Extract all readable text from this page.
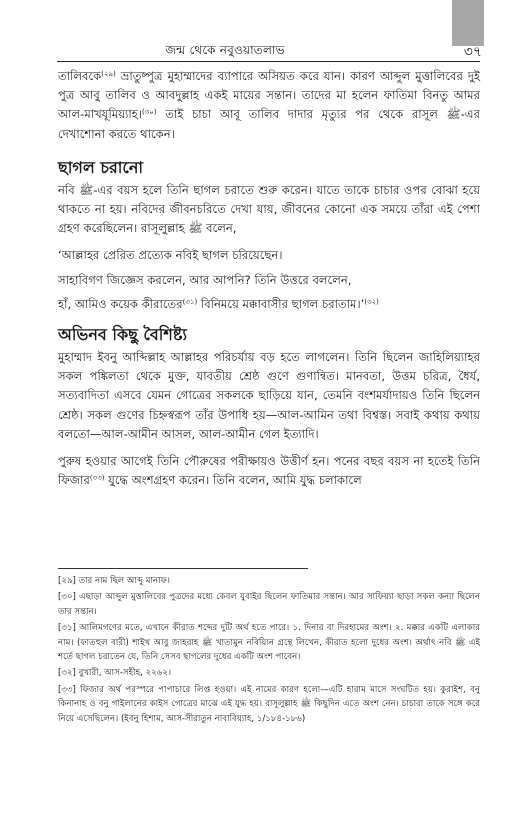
জন্ম থেকে নবুওয়াতলাভ	৩৭

তালিবকে$^{(২৯)}$ ভ্রাতুষ্পুত্র মুহাম্মাদের ব্যাপারে অসিয়ত করে যান। কারণ আব্দুল মুত্তালিবের দুই পুত্র আবু তালিব ও আবদুল্লাহ একই মায়ের সন্তান। তাদের মা হলেন ফাতিমা বিনতু আমর আল-মাখযূমিয়্যাহ।$^{(৩০)}$ তাই চাচা আবূ তালিব দাদার মৃত্যুর পর থেকে রাসূল ﷺ-এর দেখাশোনা করতে থাকেন।

ছাগল চরানো

নবি ﷺ-এর বয়স হলে তিনি ছাগল চরাতে শুরু করেন। যাতে তাকে চাচার ওপর বোঝা হয়ে থাকতে না হয়। নবিদের জীবনচরিতে দেখা যায়, জীবনের কোনো এক সময়ে তাঁরা এই পেশা গ্রহণ করেছিলেন। রাসূলুল্লাহ ﷺ বলেন,

‘আল্লাহর প্রেরিত প্রত্যেক নবিই ছাগল চরিয়েছেন।

সাহাবিগণ জিজ্ঞেস করলেন, আর আপনি? তিনি উত্তরে বললেন,

হাঁ, আমিও কয়েক কীরাতের$^{(৩১)}$ বিনিময়ে মক্কাবাসীর ছাগল চরাতাম।’$^{(৩২)}$

অভিনব কিছু বৈশিষ্ট্য

মুহাম্মাদ ইবনু আব্দিল্লাহ আল্লাহর পরিচর্যায় বড় হতে লাগলেন। তিনি ছিলেন জাহিলিয়্যাহর সকল পঙ্কিলতা থেকে মুক্ত, যাবতীয় শ্রেষ্ঠ গুণে গুণান্বিত। মানবতা, উত্তম চরিত্র, ধৈর্য, সত্যবাদিতা এসবে যেমন গোত্রের সকলকে ছাড়িয়ে যান, তেমনি বংশমর্যাদায়ও তিনি ছিলেন শ্রেষ্ঠ। সকল গুণের চিহ্নস্বরূপ তাঁর উপাধি হয়—আল-আমিন তথা বিশ্বস্ত। সবাই কথায় কথায় বলতো—আল-আমীন আসল, আল-আমীন গেল ইত্যাদি।

পুরুষ হওয়ার আগেই তিনি পৌরুষের পরীক্ষায়ও উত্তীর্ণ হন। পনের বছর বয়স না হতেই তিনি ফিজার$^{(৩৩)}$ যুদ্ধে অংশগ্রহণ করেন। তিনি বলেন, আমি যুদ্ধ চলাকালে

[২৯] তার নাম ছিল আব্দু মানাফ।
[৩০] এছাড়া আব্দুল মুত্তালিবের পুত্রদের মধ্যে কেবল যুবাইর ছিলেন ফাতিমার সন্তান। আর সাফিয়্যা ছাড়া সকল কন্যা ছিলেন তার সন্তান।
[৩১] আলিমগণের মতে, এখানে কীরাত শব্দের দুটি অর্থ হতে পারে। ১. দিনার বা দিরহামের অংশ। ২. মক্কার একটি এলাকার নাম। (ফাতহুল বারী) শাইখ আবু জাহরাহ ﷺ খাতামুন নবিয়্যিন গ্রন্থে লিখেন, কীরাত হলো দুধের অংশ। অর্থাৎ নবি ﷺ এই শর্তে ছাগল চরাতেন যে, তিনি সেসব ছাগলের দুধের একটি অংশ পাবেন।
[৩২] বুখারী, আস-সহীহ, ২২৬২।
[৩৩] ফিজার অর্থ পরস্পরে পাপাচারে লিপ্ত হওয়া। এই নামের কারণ হলো—এটি হারাম মাসে সংঘটিত হয়। কুরাইশ, বনু কিনানাহ ও বনু গাইলানের কাইস গোত্রের মাঝে এই যুদ্ধ হয়। রাসূলুল্লাহ ﷺ কিছুদিন এতে অংশ নেন। চাচারা তাকে সঙ্গে করে নিয়ে এসেছিলেন। (ইবনু হিশাম, আস-সীরাতুন নাবাবিয়্যাহ, ১/১৮৪-১৮৬)
